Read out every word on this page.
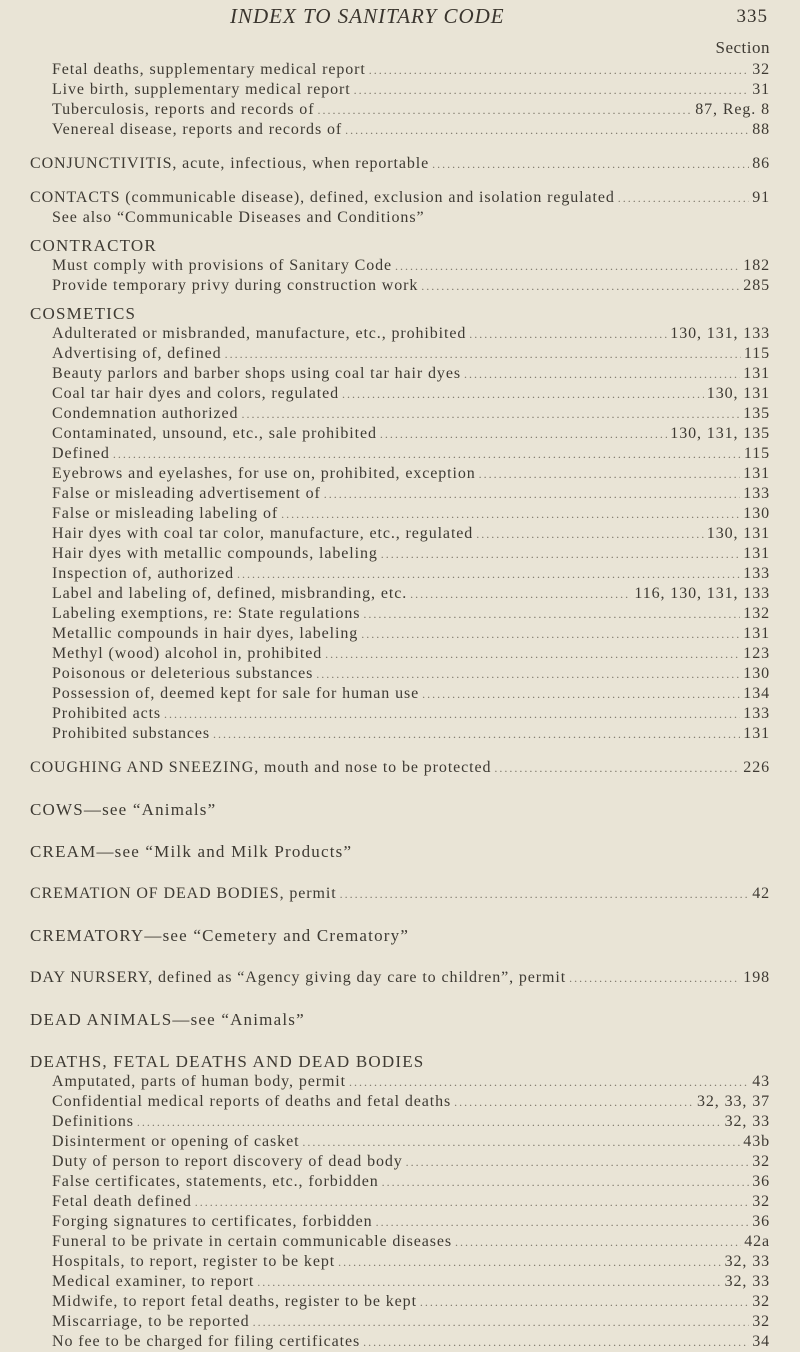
INDEX TO SANITARY CODE	335
Section
Fetal deaths, supplementary medical report .....	32
Live birth, supplementary medical report .....	31
Tuberculosis, reports and records of .....	87, Reg. 8
Venereal disease, reports and records of .....	88
CONJUNCTIVITIS, acute, infectious, when reportable .....	86
CONTACTS (communicable disease), defined, exclusion and isolation regulated .....	91
See also “Communicable Diseases and Conditions”
CONTRACTOR
Must comply with provisions of Sanitary Code .....	182
Provide temporary privy during construction work .....	285
COSMETICS
Adulterated or misbranded, manufacture, etc., prohibited .....	130, 131, 133
Advertising of, defined .....	115
Beauty parlors and barber shops using coal tar hair dyes .....	131
Coal tar hair dyes and colors, regulated .....	130, 131
Condemnation authorized .....	135
Contaminated, unsound, etc., sale prohibited .....	130, 131, 135
Defined .....	115
Eyebrows and eyelashes, for use on, prohibited, exception .....	131
False or misleading advertisement of .....	133
False or misleading labeling of .....	130
Hair dyes with coal tar color, manufacture, etc., regulated .....	130, 131
Hair dyes with metallic compounds, labeling .....	131
Inspection of, authorized .....	133
Label and labeling of, defined, misbranding, etc. .....	116, 130, 131, 133
Labeling exemptions, re: State regulations .....	132
Metallic compounds in hair dyes, labeling .....	131
Methyl (wood) alcohol in, prohibited .....	123
Poisonous or deleterious substances .....	130
Possession of, deemed kept for sale for human use .....	134
Prohibited acts .....	133
Prohibited substances .....	131
COUGHING AND SNEEZING, mouth and nose to be protected .....	226
COWS—see “Animals”
CREAM—see “Milk and Milk Products”
CREMATION OF DEAD BODIES, permit .....	42
CREMATORY—see “Cemetery and Crematory”
DAY NURSERY, defined as “Agency giving day care to children”, permit .....	198
DEAD ANIMALS—see “Animals”
DEATHS, FETAL DEATHS AND DEAD BODIES
Amputated, parts of human body, permit .....	43
Confidential medical reports of deaths and fetal deaths .....	32, 33, 37
Definitions .....	32, 33
Disinterment or opening of casket .....	43b
Duty of person to report discovery of dead body .....	32
False certificates, statements, etc., forbidden .....	36
Fetal death defined .....	32
Forging signatures to certificates, forbidden .....	36
Funeral to be private in certain communicable diseases .....	42a
Hospitals, to report, register to be kept .....	32, 33
Medical examiner, to report .....	32, 33
Midwife, to report fetal deaths, register to be kept .....	32
Miscarriage, to be reported .....	32
No fee to be charged for filing certificates .....	34
